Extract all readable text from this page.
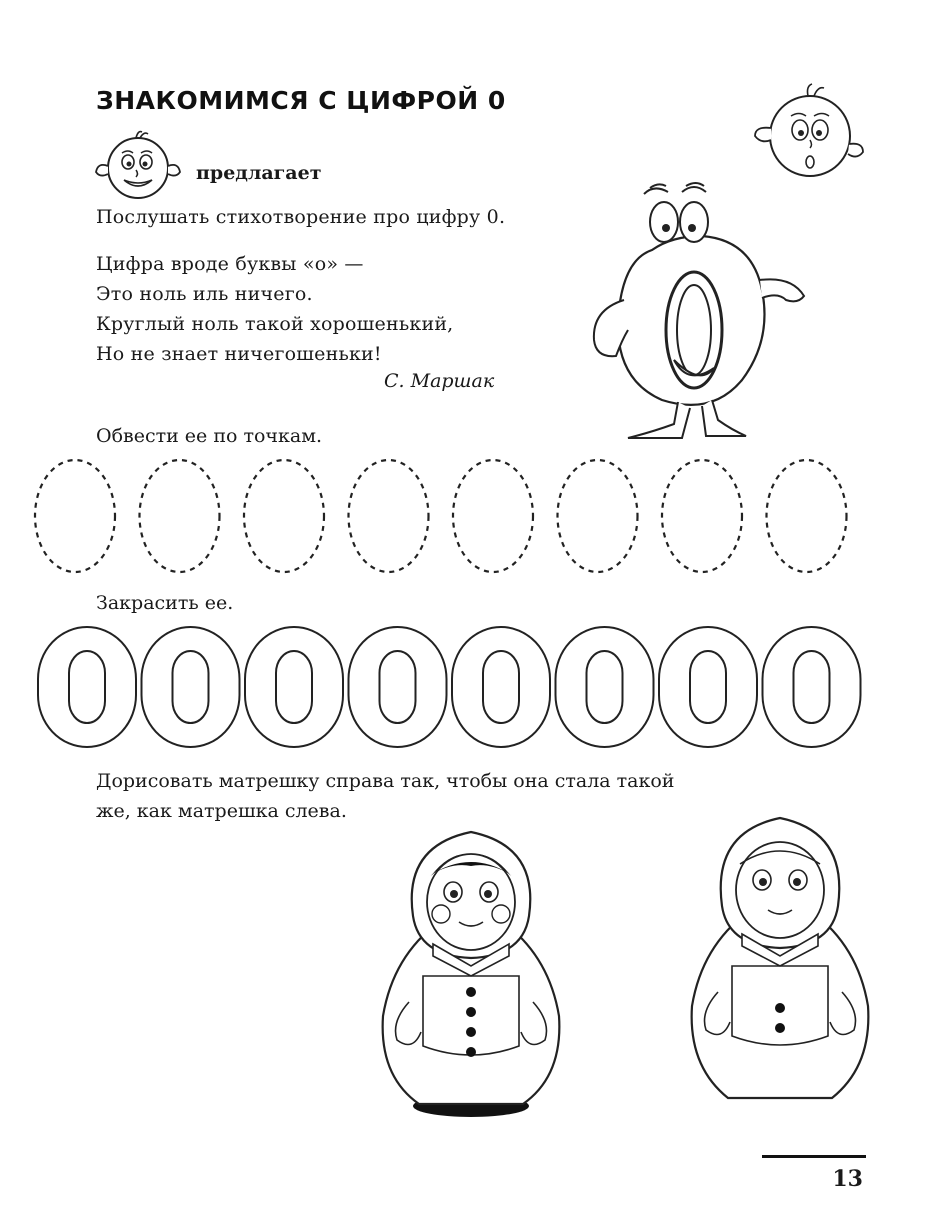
ЗНАКОМИМСЯ С ЦИФРОЙ 0
предлагает
Послушать стихотворение про цифру 0.
Цифра вроде буквы «о» —
Это ноль иль ничего.
Круглый ноль такой хорошенький,
Но не знает ничегошеньки!
С. Маршак
Обвести ее по точкам.
Закрасить ее.
Дорисовать матрешку справа так, чтобы она стала такой
же, как матрешка слева.
13
